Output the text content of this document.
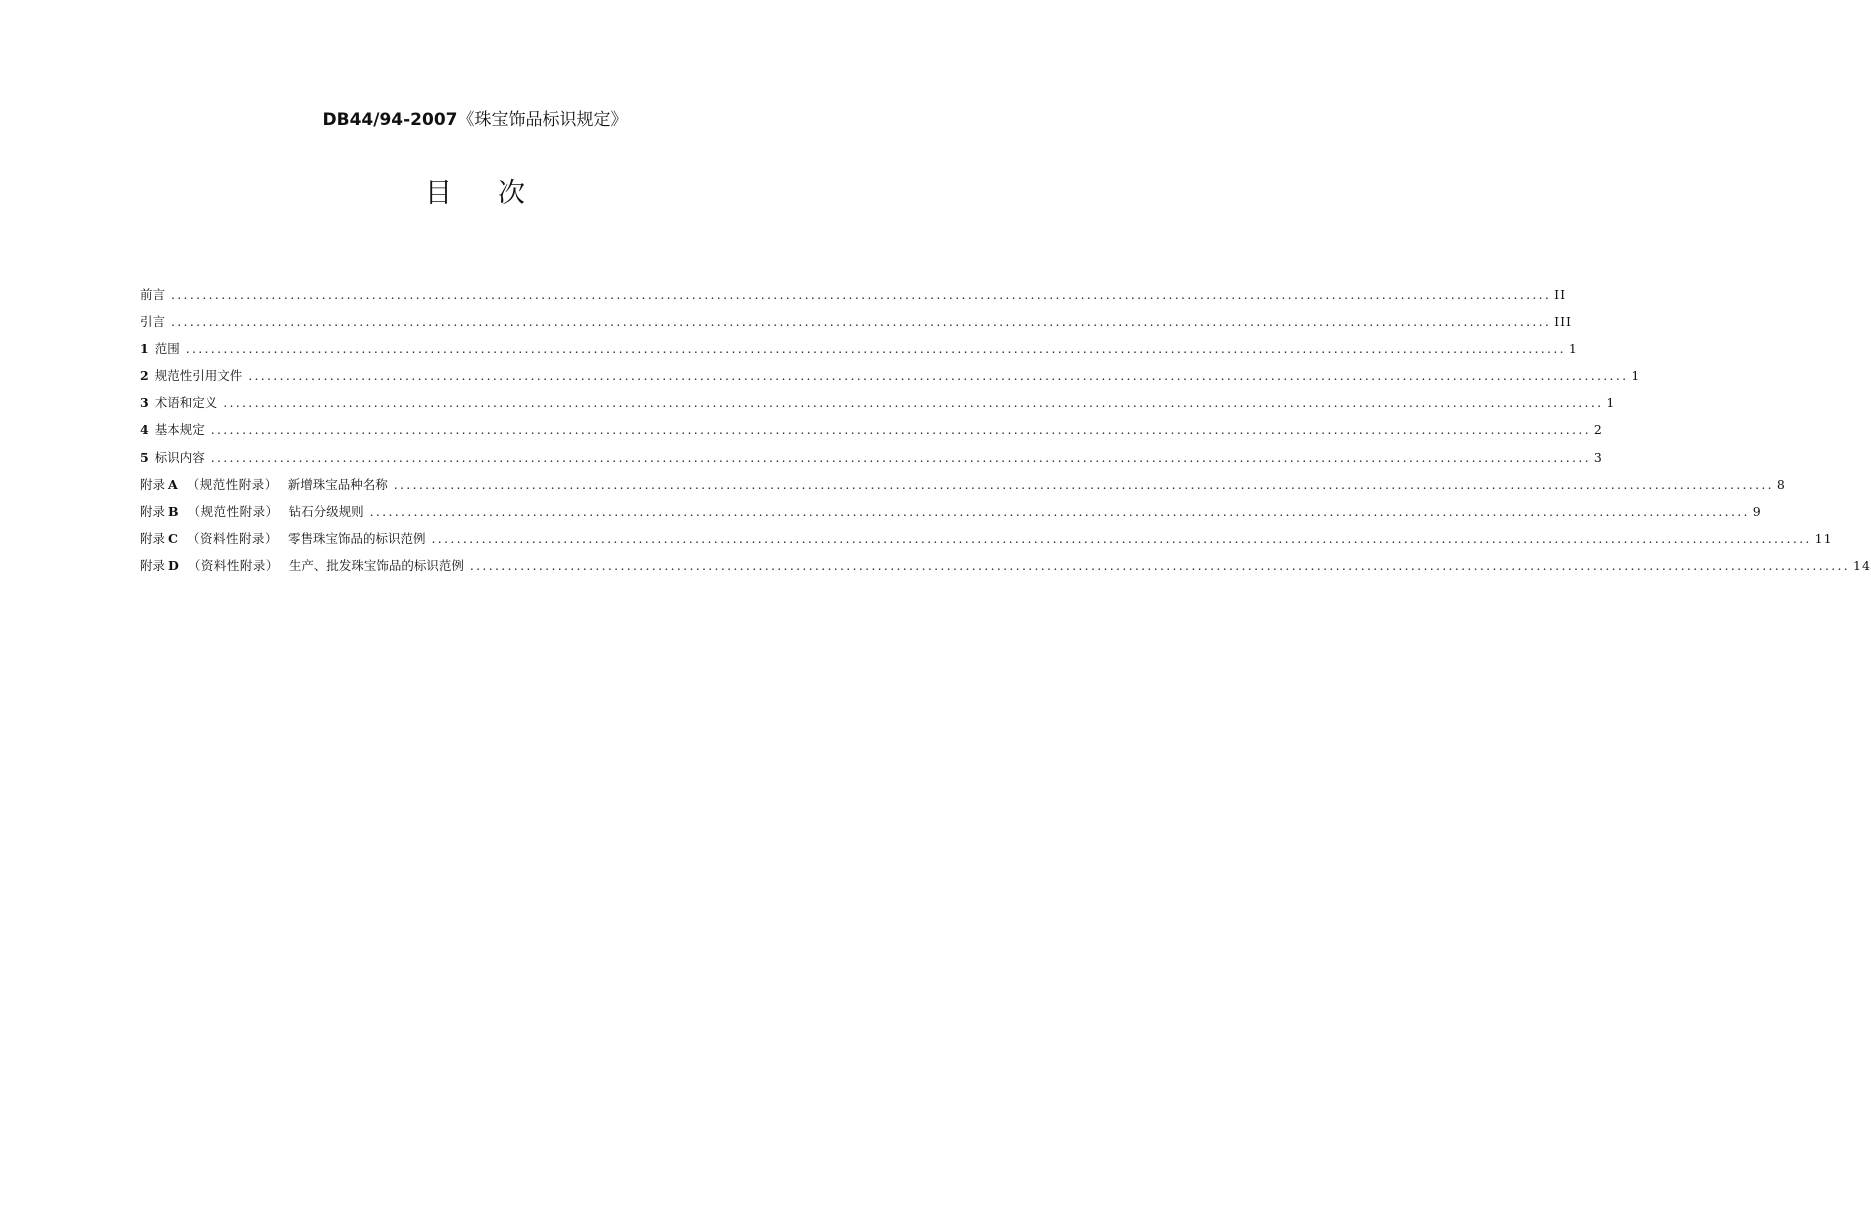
DB44/94-2007《珠宝饰品标识规定》
目 次
前言 ............................................................................................................................................................................................................................ II
引言 ............................................................................................................................................................................................................................ III
1 范围 ............................................................................................................................................................................................................................ 1
2 规范性引用文件 ............................................................................................................................................................................................................................ 1
3 术语和定义 ............................................................................................................................................................................................................................ 1
4 基本规定 ............................................................................................................................................................................................................................ 2
5 标识内容 ............................................................................................................................................................................................................................ 3
附录 A （规范性附录） 新增珠宝品种名称 ............................................................................................................................................................................................................................ 8
附录 B （规范性附录） 钻石分级规则 ............................................................................................................................................................................................................................ 9
附录 C （资料性附录） 零售珠宝饰品的标识范例 ............................................................................................................................................................................................................................ 11
附录 D （资料性附录） 生产、批发珠宝饰品的标识范例 ............................................................................................................................................................................................................................ 14
